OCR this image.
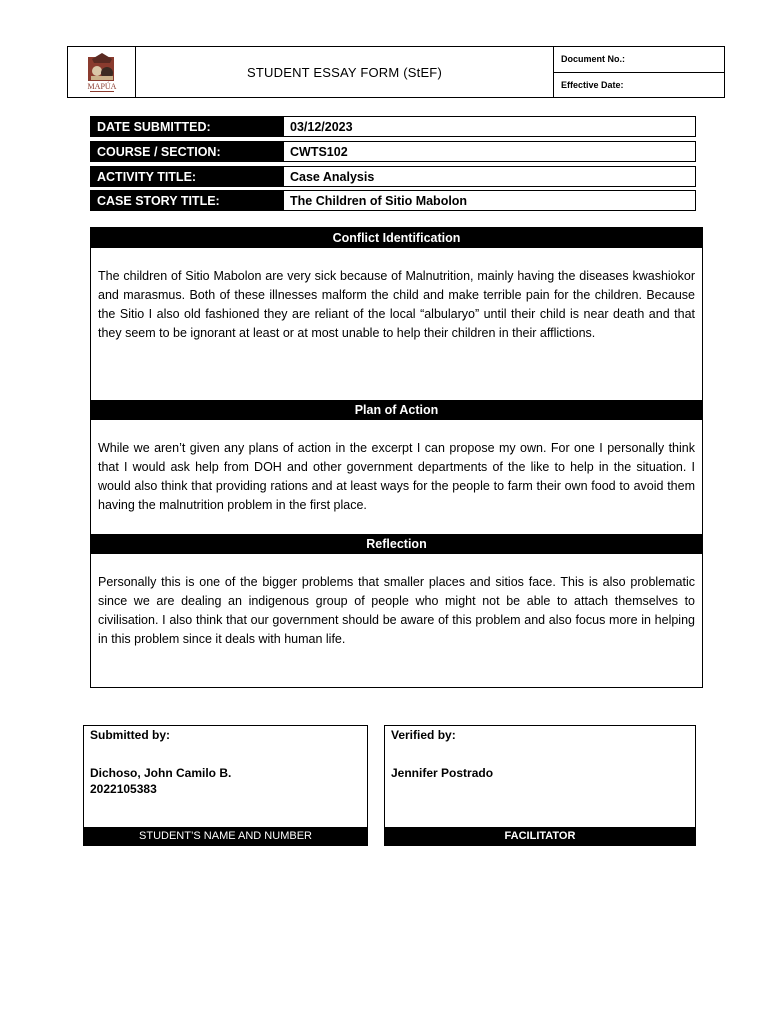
MAPÚA
STUDENT ESSAY FORM (StEF)
Document No.:
Effective Date:
DATE SUBMITTED:	03/12/2023
COURSE / SECTION:	CWTS102
ACTIVITY TITLE:	Case Analysis
CASE STORY TITLE:	The Children of Sitio Mabolon
Conflict Identification
The children of Sitio Mabolon are very sick because of Malnutrition, mainly having the diseases kwashiokor and marasmus. Both of these illnesses malform the child and make terrible pain for the children. Because the Sitio I also old fashioned they are reliant of the local “albularyo” until their child is near death and that they seem to be ignorant at least or at most unable to help their children in their afflictions.
Plan of Action
While we aren’t given any plans of action in the excerpt I can propose my own. For one I personally think that I would ask help from DOH and other government departments of the like to help in the situation. I would also think that providing rations and at least ways for the people to farm their own food to avoid them having the malnutrition problem in the first place.
Reflection
Personally this is one of the bigger problems that smaller places and sitios face. This is also problematic since we are dealing an indigenous group of people who might not be able to attach themselves to civilisation. I also think that our government should be aware of this problem and also focus more in helping in this problem since it deals with human life.
Submitted by:
Dichoso, John Camilo B.
2022105383
STUDENT’S NAME AND NUMBER
Verified by:
Jennifer Postrado
FACILITATOR
